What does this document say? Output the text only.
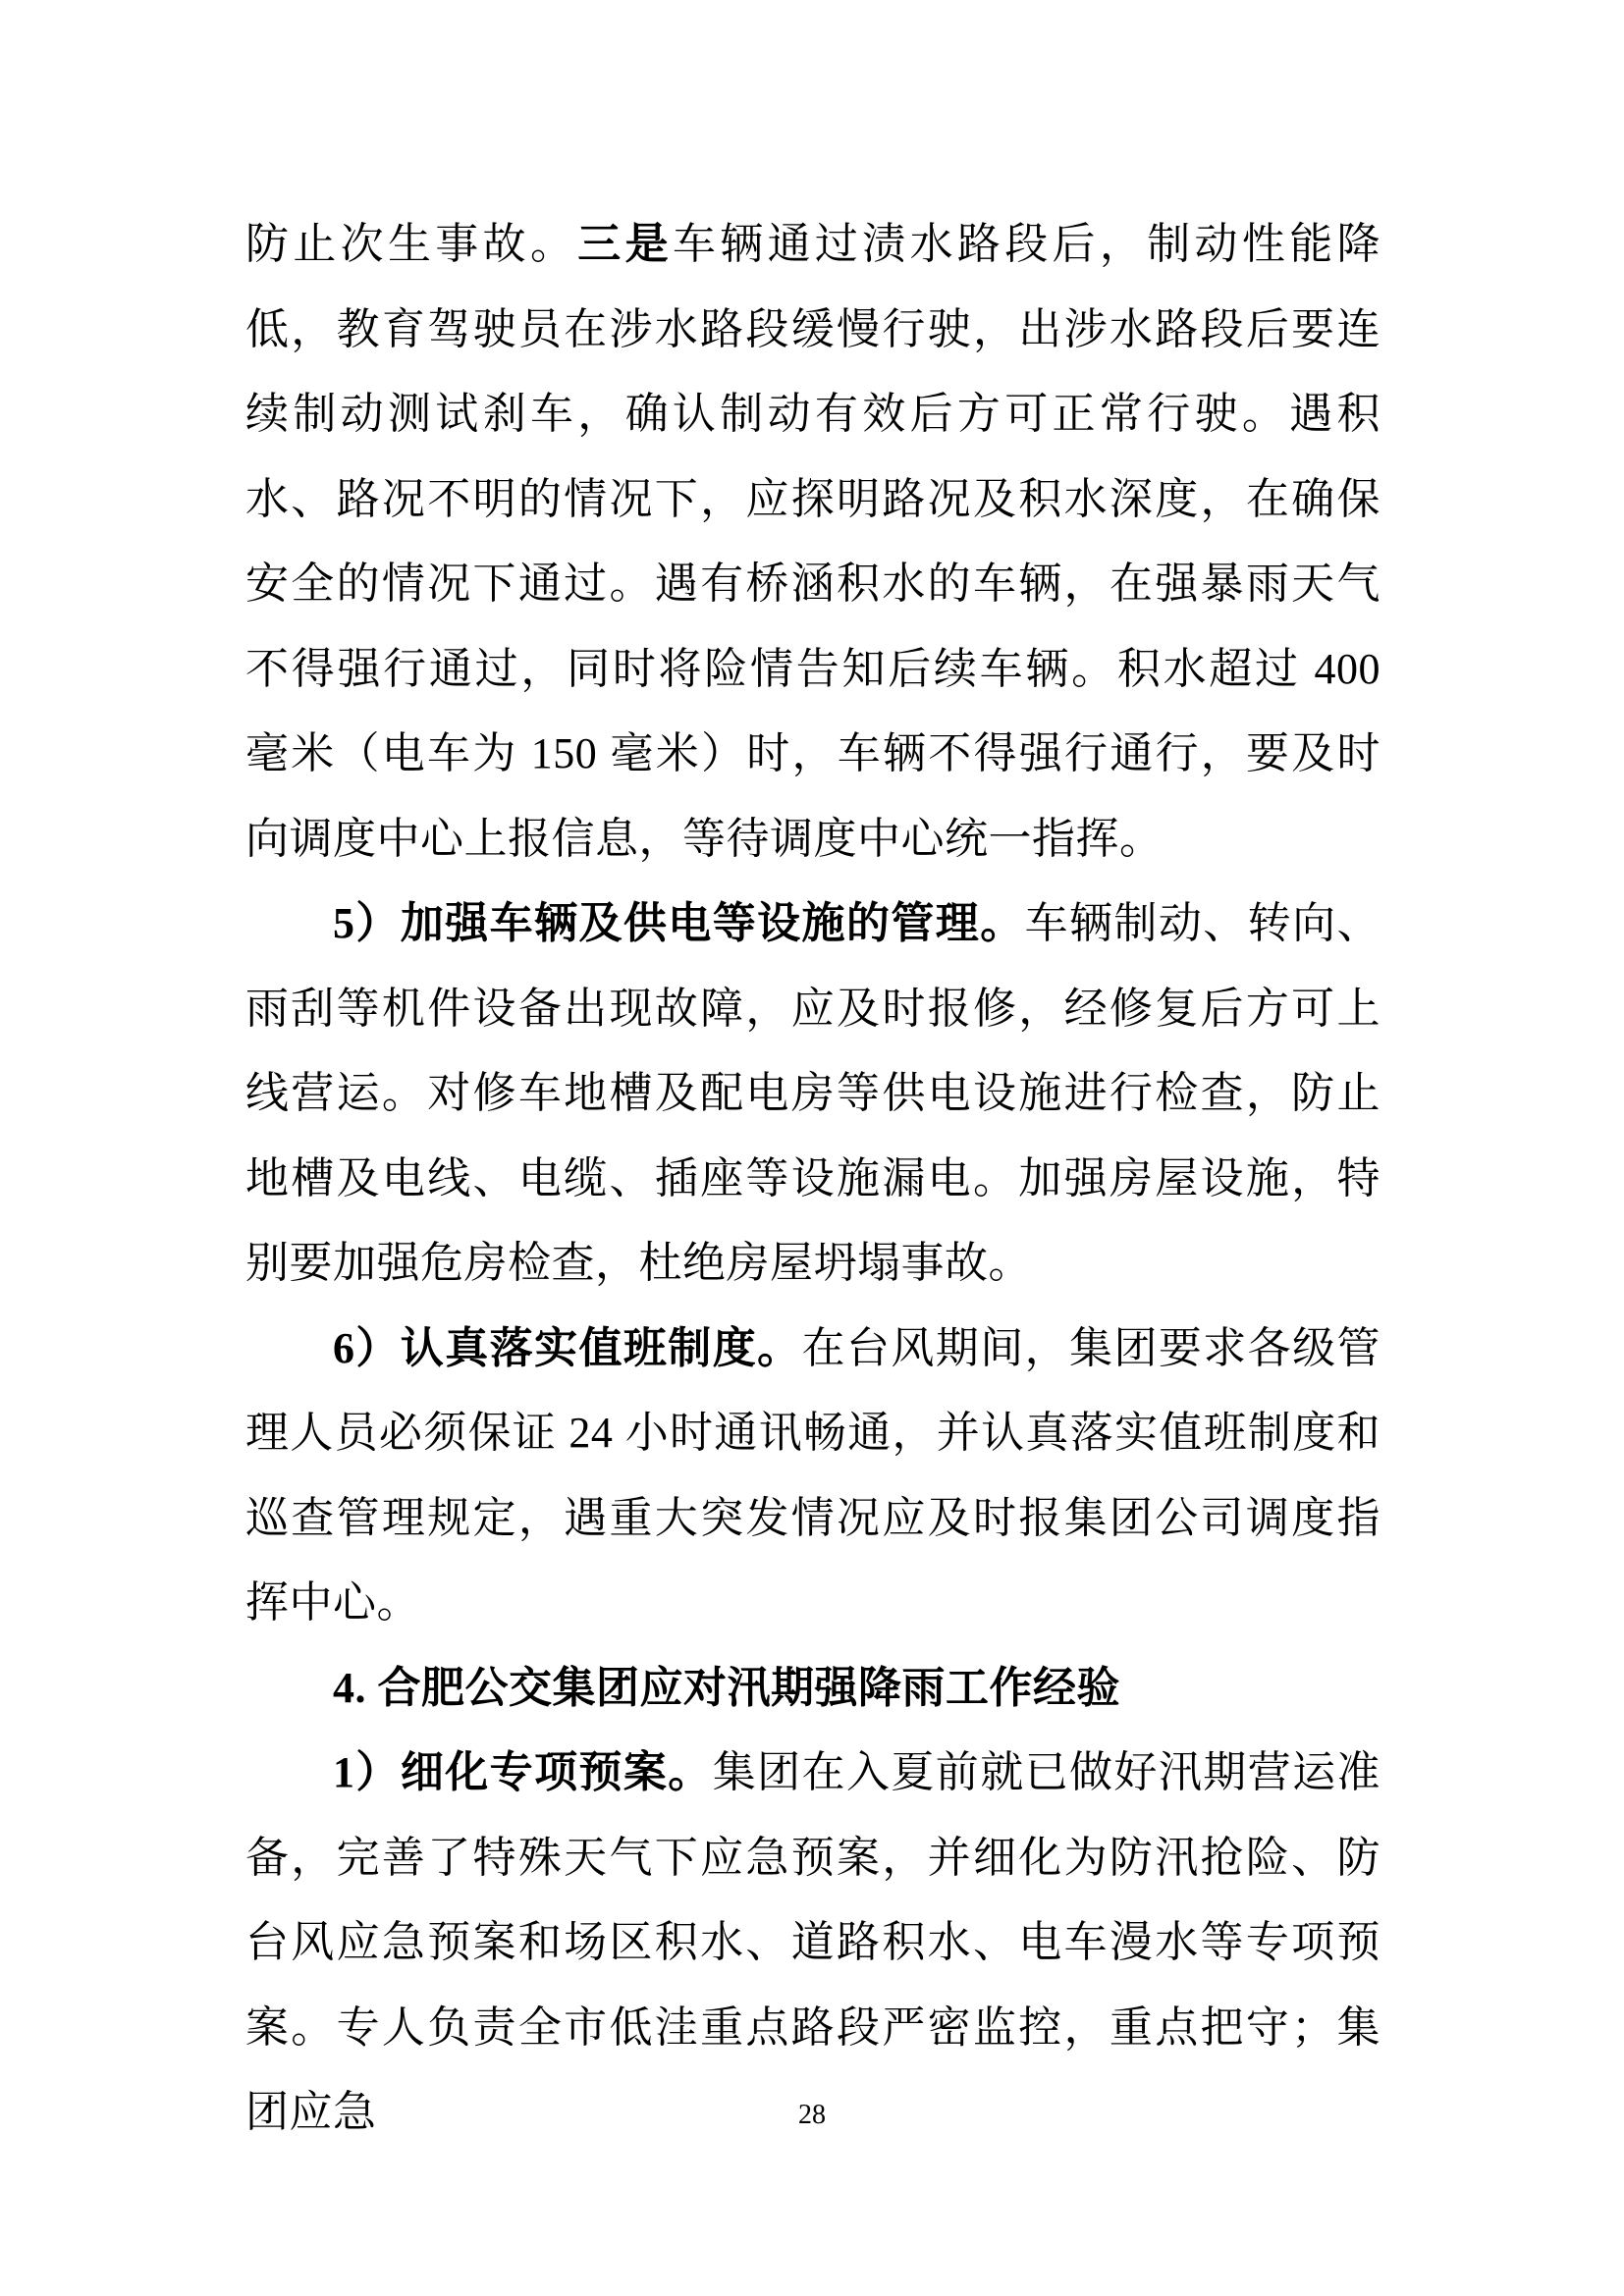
防止次生事故。三是车辆通过渍水路段后，制动性能降低，教育驾驶员在涉水路段缓慢行驶，出涉水路段后要连续制动测试刹车，确认制动有效后方可正常行驶。遇积水、路况不明的情况下，应探明路况及积水深度，在确保安全的情况下通过。遇有桥涵积水的车辆，在强暴雨天气不得强行通过，同时将险情告知后续车辆。积水超过 400 毫米（电车为 150 毫米）时，车辆不得强行通行，要及时向调度中心上报信息，等待调度中心统一指挥。

5）加强车辆及供电等设施的管理。车辆制动、转向、雨刮等机件设备出现故障，应及时报修，经修复后方可上线营运。对修车地槽及配电房等供电设施进行检查，防止地槽及电线、电缆、插座等设施漏电。加强房屋设施，特别要加强危房检查，杜绝房屋坍塌事故。

6）认真落实值班制度。在台风期间，集团要求各级管理人员必须保证 24 小时通讯畅通，并认真落实值班制度和巡查管理规定，遇重大突发情况应及时报集团公司调度指挥中心。

4. 合肥公交集团应对汛期强降雨工作经验

1）细化专项预案。集团在入夏前就已做好汛期营运准备，完善了特殊天气下应急预案，并细化为防汛抢险、防台风应急预案和场区积水、道路积水、电车漫水等专项预案。专人负责全市低洼重点路段严密监控，重点把守；集团应急	28
